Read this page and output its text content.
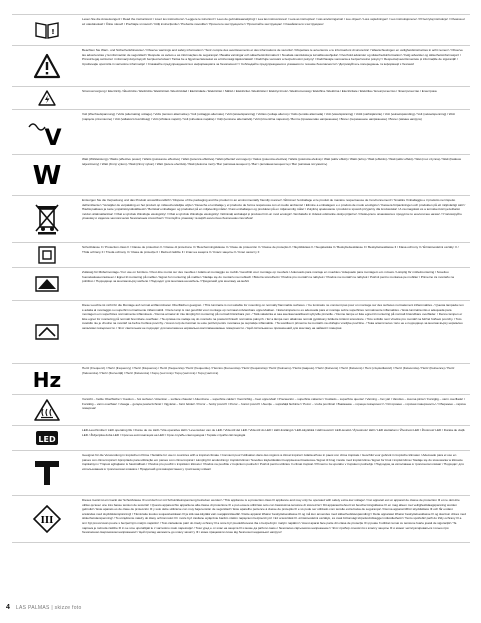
!
Lesen Sie die Anweisungen! / Read the instructions! / Lisez les instructions! / Leggere le istruzioni! / Lees de gebruiksaanwijzing! / Lea las instrucciones! / Leia as instruções! / Läs anvisningarna! / Lue ohjeet! / Læs vejledningen! / Les instruksjonene! / Przeczytaj instrukcje! / Olvassa el az utasításokat! / Čtěte návod! / Prečítajte si návod! / Citiți instrucțiunile! / Preberite navodila! / Прочетете инструкциите! / Прочитайте инструкцию! / Ознайомтеся з інструкцією!
Beachten Sie Warn- und Sicherheitshinweise! / Observe warnings and safety information! / Tenir compte des avertissements et des informations de sécurité! / Rispettare le avvertenze e le informazioni di sicurezza! / Waarschuwingen en veiligheidsinstructies in acht nemen! / Observe las advertencias y la información de seguridad! / Respeite os avisos e as informações de segurança! / Beakta varningar och säkerhetsinformation! / Noudata varoituksia ja turvallisuusohjeita! / Overhold advarsler og sikkerhedsinformation! / Følg advarsler og sikkerhetsinformasjon! / Przestrzegaj ostrzeżeń i informacji dotyczących bezpieczeństwa! / Tartsa be a figyelmeztetéseket és a biztonsági tájékoztatást! / Dodržujte varování a bezpečnostní pokyny! / Dodržiavajte varovania a bezpečnostné pokyny! / Respectați avertismentele și informațiile de siguranță! / Upoštevajte opozorila in varnostne informacije! / Спазвайте предупрежденията и информацията за безопасност! / Соблюдайте предупреждения и указания по технике безопасности! / Дотримуйтесь попереджень та інформації з безпеки!
Stromversorgung / Electricity / Électricité / Elettricità / Elektriciteit / Electricidad / Eletricidade / Elektricitet / Sähkö / Elektricitet / Elektrisitet / Elektryczność / Elektromosság / Elektřina / Elektrina / Electricitate / Elektrika / Електричество / Электричество / Електрика
V
Volt (Wechselspannung) / Volts (alternating voltage) / Volts (tension alternative) / Volt (voltaggio alternato) / Volt (wisselspanning) / Voltios (voltaje alterno) / Volts (tensão alternada) / Volt (växelspänning) / Voltit (vaihtojännite) / Volt (vekselspænding) / Volt (vekselspenning) / Wolt (napięcie przemienne) / Volt (váltakozó feszültség) / Volt (střídavé napětí) / Volt (striedavé napätie) / Volți (tensiune alternativă) / Volt (izmenična napetost) / Волта (променливо напрежение) / Вольт (переменное напряжение) / Вольт (змінна напруга)
W
Watt (Wirkleistung) / Watts (effective power) / Watts (puissance effective) / Watt (potenza effettiva) / Watt (effectief vermogen) / Vatios (potencia efectiva) / Watts (potência efetiva) / Watt (aktiv effekt) / Watti (teho) / Watt (effektiv) / Watt (aktiv effekt) / Wat (moc czynna) / Watt (hatásos teljesítmény) / Watt (činný výkon) / Watt (činný výkon) / Watt (putere efectivă) / Watt (delovna moč) / Ват (активна мощност) / Ватт (активная мощность) / Ват (активна потужність)
Entsorgen Sie die Verpackung und das Produkt umweltfreundlich! / Dispose of the packaging and the product in an environmentally friendly manner! / Éliminez l'emballage et le produit de manière respectueuse de l'environnement! / Smaltire l'imballaggio e il prodotto nel rispetto dell'ambiente! / Verwijder de verpakking en het product op milieuvriendelijke wijze! / Deseche el embalaje y el producto de forma respetuosa con el medio ambiente! / Elimine a embalagem e o produto de modo ecológico! / Kassera förpackningen och produkten på ett miljövänligt sätt! / Hävitä pakkaus ja tuote ympäristöystävällisesti! / Bortskaf emballagen og produktet på en miljøvenlig måde! / Kast emballasjen og produktet på en miljøvennlig måte! / Zutylizuj opakowanie i produkt w sposób przyjazny dla środowiska! / A csomagolást és a terméket környezetbarát módon ártalmatlanítsa! / Obal a výrobek zlikvidujte ekologicky! / Obal a výrobok zlikvidujte ekologicky! / Eliminați ambalajul și produsul într-un mod ecologic! / Embalažo in izdelek odstranite okolju prijazno! / Изхвърлете опаковката и продукта по екологичен начин! / Утилизируйте упаковку и изделие экологически безопасным способом! / Утилізуйте упаковку та виріб екологічно безпечним способом!
Schutzklasse II / Protection class II / Classe de protection II / Classe di protezione II / Beschermingsklasse II / Clase de protección II / Classe de proteção II / Skyddsklass II / Suojaluokka II / Beskyttelsesklasse II / Beskyttelsesklasse II / Klasa ochrony II / Érintésvédelmi osztály: II / Třída ochrany II / Trieda ochrany II / Clasa de protecție II / Razred zaščite II / Клас на защита II / Класс защиты II / Клас захисту II
Zulässig für Möbelmontage / For use on furniture / Peut être monté sur des meubles / Adatto al montaggio su mobili / Geschikt voor montage op meubels / Adecuado para montaje en muebles / Adequado para montagem em móveis / Lämplig för möbelmontering / Soveltuu huonekaluasennukseen / Egnet til montering på møbler / Egnet for montering på møbler / Nadaje się do montażu na meblach / Bútorra szerelhető / Vhodné pro montáž na nábytek / Vhodné na montáž na nábytok / Potrivit pentru montarea pe mobilier / Primerno za montažo na pohištvo / Подходящо за монтаж върху мебели / Подходит для монтажа на мебель / Придатний для монтажу на меблі
Diese Leuchte ist nicht für die Montage auf normal entflammbaren Oberflächen geeignet. / This luminaire is not suitable for mounting on normally flammable surfaces. / Ce luminaire ne convient pas pour un montage sur des surfaces normalement inflammables. / Questa lampada non è adatta al montaggio su superfici normalmente infiammabili. / Deze lamp is niet geschikt voor montage op normaal ontvlambare oppervlakken. / Esta lámpara no es adecuada para el montaje sobre superficies normalmente inflamables. / Esta luminária não é adequada para montagem em superfícies normalmente inflamáveis. / Denna armatur är inte lämplig för montering på normalt brännbara ytor. / Tätä valaisinta ei saa asentaa tavallisesti syttyville pinnoille. / Denne lampe er ikke egnet til montering på normalt brændbare overflader. / Denne lampen er ikke egnet for montering på normalt brennbare overflater. / Ta oprawa nie nadaje się do montażu na powierzchniach normalnie palnych. / Ez a lámpa nem alkalmas normál gyúlékony felületre történő szerelésre. / Toto svítidlo není vhodné pro montáž na běžně hořlavé povrchy. / Toto svietidlo nie je vhodné na montáž na bežne horľavé povrchy. / Acest corp de iluminat nu este potrivit pentru montarea pe suprafețe inflamabile. / Ta svetilka ni primerna za montažo na običajno vnetljive površine. / Това осветително тяло не е подходящо за монтаж върху нормално запалими повърхности. / Этот светильник не подходит для монтажа на нормально воспламеняемые поверхности. / Цей світильник не призначений для монтажу на займисті поверхні.
Hz	Hertz (Frequenz) / Hertz (frequency) / Hertz (fréquence) / Hertz (frequenza) / Hertz (frequentie) / Hercios (frecuencia) / Hertz (frequência) / Hertz (frekvens) / Hertsi (taajuus) / Hertz (frekvens) / Hertz (frekvens) / Herc (częstotliwość) / Hertz (frekvencia) / Hertz (frekvence) / Hertz (frekvencia) / Hertz (frecvență) / Hertz (frekvenca) / Херц (честота) / Герц (частота) / Герц (частота)
Vorsicht – heiße Oberfläche! / Caution – hot surface! / Attention – surface chaude! / Attenzione – superficie calda! / Voorzichtig – heet oppervlak! / Precaución – superficie caliente! / Cuidado – superfície quente! / Varning – het yta! / Varoitus – kuuma pinta! / Forsigtig – varm overflade! / Forsiktig – varm overflate! / Uwaga – gorąca powierzchnia! / Vigyázat – forró felület! / Pozor – horký povrch! / Pozor – horúci povrch! / Atenție – suprafață fierbinte! / Pozor – vroča površina! / Внимание – гореща повърхност! / Осторожно – горячая поверхность! / Обережно – гаряча поверхня!
LED
LED-Leuchtmittel / LED operating life / Durée de vie LED / Vita operativa LED / Levensduur van de LED / Vida útil del LED / Vida útil do LED / LED-livslängd / LED-käyttöikä / LED-levetid / LED-levetid / Żywotność LED / LED élettartam / Životnost LED / Životnosť LED / Durata de viață LED / Življenjska doba LED / Срок на експлоатация на LED / Срок службы светодиодов / Термін служби світлодіодів
Geeignet für die Verwendung in tropischem Klima / Suitable for use in countries with a tropical climate / Convient pour l'utilisation dans des régions à climat tropical / Adatta all'uso in paesi con clima tropicale / Geschikt voor gebruik in tropische klimaten / Adecuado para el uso en países con clima tropical / Apropriado para utilização em países com clima tropical / Lämplig för användning i tropiskt klimat / Soveltuu käytettäväksi trooppisessa ilmastossa / Egnet til brug i lande med tropisk klima / Egnet for bruk i tropisk klima / Nadaje się do stosowania w klimacie tropikalnym / Trópusi éghajlaton is használható / Vhodné pro použití v tropickém klimatu / Vhodné na použitie v tropickom podnebí / Potrivit pentru utilizare în climat tropical / Primerno za uporabo v tropskem podnebju / Подходящ за използване в тропически климат / Подходит для использования в тропическом климате / Придатний для використання у тропічному кліматі
III
Dieses Gerät ist ein Gerät der Schutzklasse III und darf nur mit Schutzkleinspannung betrieben werden! / This appliance is a protection class III appliance and may only be operated with safety extra-low voltage! / Cet appareil est un appareil de classe de protection III et ne doit être utilisé qu'avec une très basse tension de sécurité! / Questo apparecchio appartiene alla classe di protezione III e può essere utilizzato solo con bassissima tensione di sicurezza! / Dit apparaat behoort tot beschermingsklasse III en mag alleen met veiligheidslaagspanning worden gebruikt! / Este aparato es de clase de protección III y solo debe utilizarse con muy baja tensión de seguridad! / Este aparelho pertence à classe de proteção III e só pode ser utilizado com tensão extra baixa de segurança! / Denna apparat tillhör skyddsklass III och får endast användas med skyddsklenspänning! / Tämä laite kuuluu suojausluokkaan III ja sitä saa käyttää vain suojajännitteellä! / Dette apparat tilhører beskyttelsesklasse III og må kun anvendes med sikkerhedslavspænding! / Dette apparatet tilhører beskyttelsesklasse III og skal kun drives med sikkerhetslavspenning! / To urządzenie należy do klasy ochronności III i może być zasilane wyłącznie bardzo niskim napięciem bezpiecznym! / Ez a készülék III. érintésvédelmi osztályú, és csak biztonsági törpefeszültséggel működtethető! / Tento spotřebič patří do třídy ochrany III a smí být provozován pouze s bezpečným malým napětím! / Toto zariadenie patrí do triedy ochrany III a smie byť prevádzkované iba s bezpečným malým napätím! / Acest aparat face parte din clasa de protecție III și poate fi utilizat numai cu tensiune foarte joasă de siguranță! / Ta naprava je razreda zaščite III in se sme uporabljati le z varnostno malo napetostjo! / Този уред е от клас на защита III и може да работи само с безопасно свръхниско напрежение! / Этот прибор относится к классу защиты III и может эксплуатироваться только при безопасном сверхнизком напряжении! / Цей прилад належить до класу захисту III і може працювати лише від безпечної наднизької напруги!
4 LAS PALMAS | skizze foto
